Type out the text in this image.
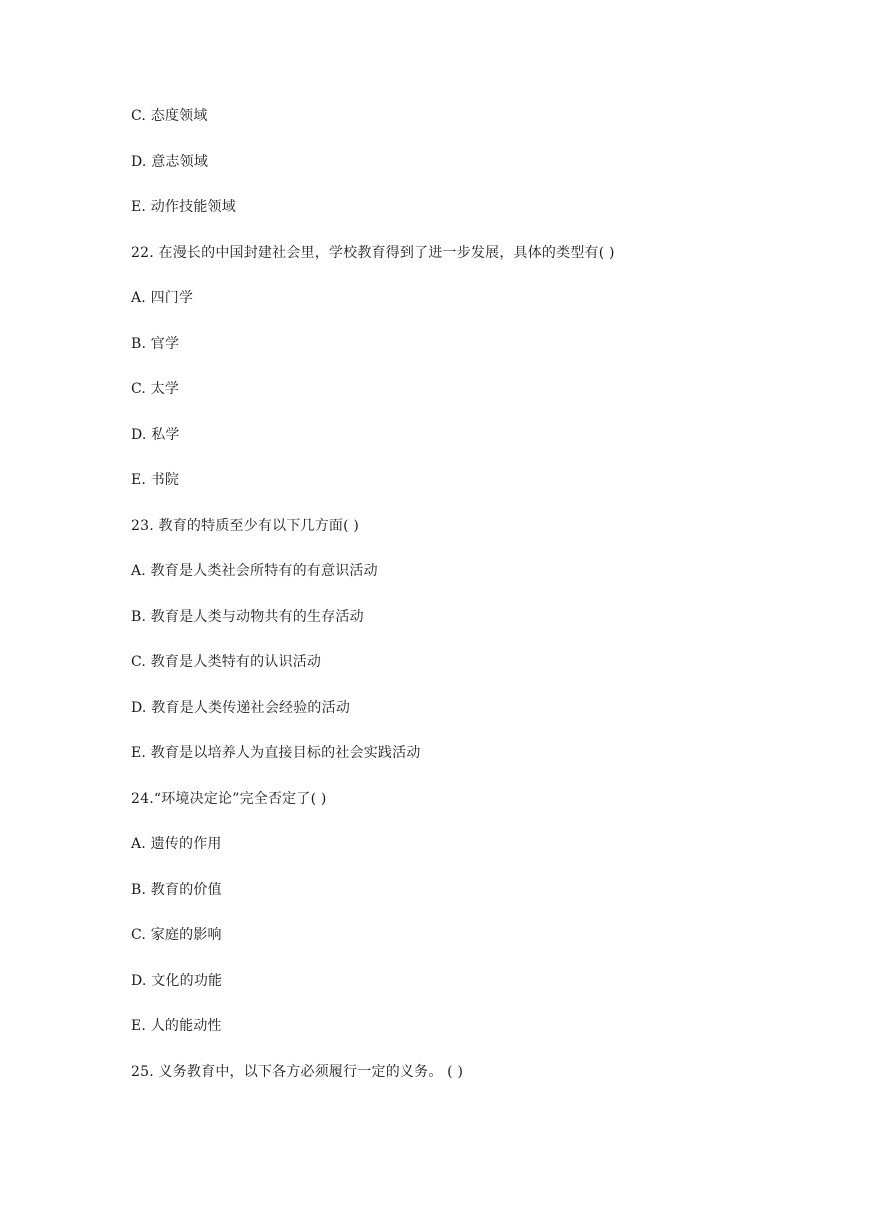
C. 态度领域
D. 意志领域
E. 动作技能领域
22. 在漫长的中国封建社会里，学校教育得到了进一步发展，具体的类型有( )
A. 四门学
B. 官学
C. 太学
D. 私学
E. 书院
23. 教育的特质至少有以下几方面( )
A. 教育是人类社会所特有的有意识活动
B. 教育是人类与动物共有的生存活动
C. 教育是人类特有的认识活动
D. 教育是人类传递社会经验的活动
E. 教育是以培养人为直接目标的社会实践活动
24.“环境决定论”完全否定了( )
A. 遗传的作用
B. 教育的价值
C. 家庭的影响
D. 文化的功能
E. 人的能动性
25. 义务教育中，以下各方必须履行一定的义务。 ( )
